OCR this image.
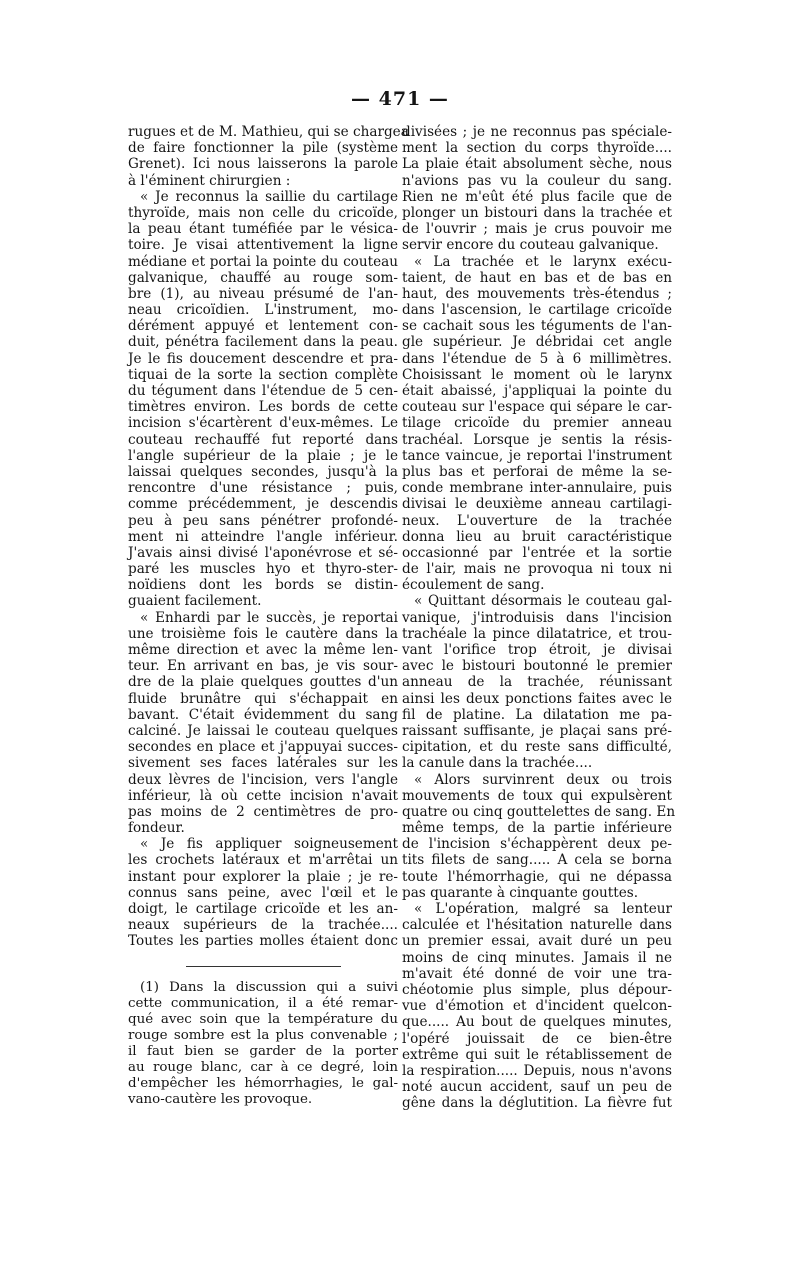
— 471 —
rugues et de M. Mathieu, qui se chargea
de faire fonctionner la pile (système
Grenet). Ici nous laisserons la parole
à l'éminent chirurgien :
« Je reconnus la saillie du cartilage
thyroïde, mais non celle du cricoïde,
la peau étant tuméfiée par le vésica-
toire. Je visai attentivement la ligne
médiane et portai la pointe du couteau
galvanique, chauffé au rouge som-
bre (1), au niveau présumé de l'an-
neau cricoïdien. L'instrument, mo-
dérément appuyé et lentement con-
duit, pénétra facilement dans la peau.
Je le fis doucement descendre et pra-
tiquai de la sorte la section complète
du tégument dans l'étendue de 5 cen-
timètres environ. Les bords de cette
incision s'écartèrent d'eux-mêmes. Le
couteau rechauffé fut reporté dans
l'angle supérieur de la plaie ; je le
laissai quelques secondes, jusqu'à la
rencontre d'une résistance ; puis,
comme précédemment, je descendis
peu à peu sans pénétrer profondé-
ment ni atteindre l'angle inférieur.
J'avais ainsi divisé l'aponévrose et sé-
paré les muscles hyo et thyro-ster-
noïdiens dont les bords se distin-
guaient facilement.
« Enhardi par le succès, je reportai
une troisième fois le cautère dans la
même direction et avec la même len-
teur. En arrivant en bas, je vis sour-
dre de la plaie quelques gouttes d'un
fluide brunâtre qui s'échappait en
bavant. C'était évidemment du sang
calciné. Je laissai le couteau quelques
secondes en place et j'appuyai succes-
sivement ses faces latérales sur les
deux lèvres de l'incision, vers l'angle
inférieur, là où cette incision n'avait
pas moins de 2 centimètres de pro-
fondeur.
« Je fis appliquer soigneusement
les crochets latéraux et m'arrêtai un
instant pour explorer la plaie ; je re-
connus sans peine, avec l'œil et le
doigt, le cartilage cricoïde et les an-
neaux supérieurs de la trachée....
Toutes les parties molles étaient donc
(1) Dans la discussion qui a suivi
cette communication, il a été remar-
qué avec soin que la température du
rouge sombre est la plus convenable ;
il faut bien se garder de la porter
au rouge blanc, car à ce degré, loin
d'empêcher les hémorrhagies, le gal-
vano-cautère les provoque.
divisées ; je ne reconnus pas spéciale-
ment la section du corps thyroïde....
La plaie était absolument sèche, nous
n'avions pas vu la couleur du sang.
Rien ne m'eût été plus facile que de
plonger un bistouri dans la trachée et
de l'ouvrir ; mais je crus pouvoir me
servir encore du couteau galvanique.
« La trachée et le larynx exécu-
taient, de haut en bas et de bas en
haut, des mouvements très-étendus ;
dans l'ascension, le cartilage cricoïde
se cachait sous les téguments de l'an-
gle supérieur. Je débridai cet angle
dans l'étendue de 5 à 6 millimètres.
Choisissant le moment où le larynx
était abaissé, j'appliquai la pointe du
couteau sur l'espace qui sépare le car-
tilage cricoïde du premier anneau
trachéal. Lorsque je sentis la résis-
tance vaincue, je reportai l'instrument
plus bas et perforai de même la se-
conde membrane inter-annulaire, puis
divisai le deuxième anneau cartilagi-
neux. L'ouverture de la trachée
donna lieu au bruit caractéristique
occasionné par l'entrée et la sortie
de l'air, mais ne provoqua ni toux ni
écoulement de sang.
« Quittant désormais le couteau gal-
vanique, j'introduisis dans l'incision
trachéale la pince dilatatrice, et trou-
vant l'orifice trop étroit, je divisai
avec le bistouri boutonné le premier
anneau de la trachée, réunissant
ainsi les deux ponctions faites avec le
fil de platine. La dilatation me pa-
raissant suffisante, je plaçai sans pré-
cipitation, et du reste sans difficulté,
la canule dans la trachée....
« Alors survinrent deux ou trois
mouvements de toux qui expulsèrent
quatre ou cinq gouttelettes de sang. En
même temps, de la partie inférieure
de l'incision s'échappèrent deux pe-
tits filets de sang..... A cela se borna
toute l'hémorrhagie, qui ne dépassa
pas quarante à cinquante gouttes.
« L'opération, malgré sa lenteur
calculée et l'hésitation naturelle dans
un premier essai, avait duré un peu
moins de cinq minutes. Jamais il ne
m'avait été donné de voir une tra-
chéotomie plus simple, plus dépour-
vue d'émotion et d'incident quelcon-
que..... Au bout de quelques minutes,
l'opéré jouissait de ce bien-être
extrême qui suit le rétablissement de
la respiration..... Depuis, nous n'avons
noté aucun accident, sauf un peu de
gêne dans la déglutition. La fièvre fut
